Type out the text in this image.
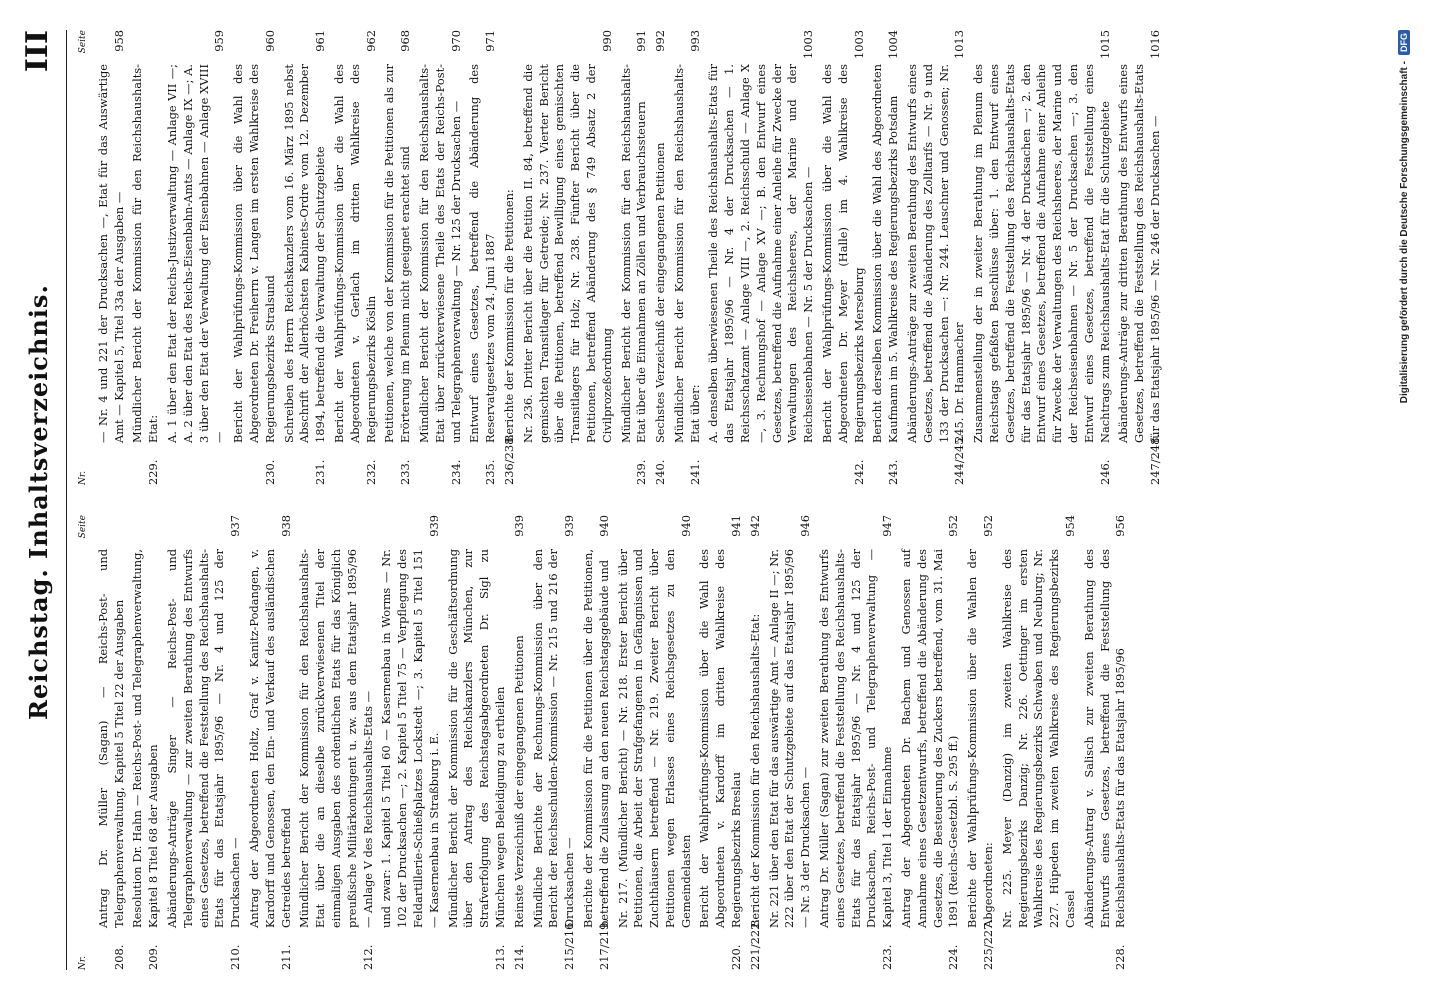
Reichstag. Inhaltsverzeichnis.
III
Nr.
Seite
208.
Antrag Dr. Müller (Sagan) — Reichs-Post- und Telegraphenverwaltung, Kapitel 5 Titel 22 der Ausgaben
209.
Resolution Dr. Hahn — Reichs-Post- und Telegraphenverwaltung, Kapitel 8 Titel 68 der Ausgaben
210.
Abänderungs-Anträge Singer — Reichs-Post- und Telegraphenverwaltung — zur zweiten Berathung des Entwurfs eines Gesetzes, betreffend die Feststellung des Reichshaushalts-Etats für das Etatsjahr 1895/96 — Nr. 4 und 125 der Drucksachen —
937
211.
Antrag der Abgeordneten Holtz, Graf v. Kanitz-Podangen, v. Kardorff und Genossen, den Ein- und Verkauf des ausländischen Getreides betreffend
938
212.
Mündlicher Bericht der Kommission für den Reichshaushalts-Etat über die an dieselbe zurückverwiesenen Titel der einmaligen Ausgaben des ordentlichen Etats für das Königlich preußische Militärkontingent u. zw. aus dem Etatsjahr 1895/96 — Anlage V des Reichshaushalts-Etats — und zwar: 1. Kapitel 5 Titel 60 — Kasernenbau in Worms — Nr. 102 der Drucksachen —; 2. Kapitel 5 Titel 75 — Verpflegung des Feldartillerie-Schießplatzes Lockstedt —; 3. Kapitel 5 Titel 151 — Kasernenbau in Straßburg i. E.
939
213.
Mündlicher Bericht der Kommission für die Geschäftsordnung über den Antrag des Reichskanzlers München, zur Strafverfolgung des Reichstagsabgeordneten Dr. Sigl zu München wegen Beleidigung zu ertheilen
214.
Reinste Verzeichniß der eingegangenen Petitionen
939
215/216.
Mündliche Berichte der Rechnungs-Kommission über den Bericht der Reichsschulden-Kommission — Nr. 215 und 216 der Drucksachen —
939
217/219.
Berichte der Kommission für die Petitionen über die Petitionen, betreffend die Zulassung an den neuen Reichstagsgebäude und
940
Nr. 217. (Mündlicher Bericht) — Nr. 218. Erster Bericht über Petitionen, die Arbeit der Strafgefangenen in Gefängnissen und Zuchthäusern betreffend — Nr. 219. Zweiter Bericht über Petitionen wegen Erlasses eines Reichsgesetzes zu den Gemeindelasten
940
220.
Bericht der Wahlprüfungs-Kommission über die Wahl des Abgeordneten v. Kardorff im dritten Wahlkreise des Regierungsbezirks Breslau
941
221/222.
Bericht der Kommission für den Reichshaushalts-Etat:
942
Nr. 221 über den Etat für das auswärtige Amt — Anlage II —; Nr. 222 über den Etat der Schutzgebiete auf das Etatsjahr 1895/96 — Nr. 3 der Drucksachen —
946
223.
Antrag Dr. Müller (Sagan) zur zweiten Berathung des Entwurfs eines Gesetzes, betreffend die Feststellung des Reichshaushalts-Etats für das Etatsjahr 1895/96 — Nr. 4 und 125 der Drucksachen, Reichs-Post- und Telegraphenverwaltung — Kapitel 3, Titel 1 der Einnahme
947
224.
Antrag der Abgeordneten Dr. Bachem und Genossen auf Annahme eines Gesetzentwurfs, betreffend die Abänderung des Gesetzes, die Besteuerung des Zuckers betreffend, vom 31. Mai 1891 (Reichs-Gesetzbl. S. 295 ff.)
952
225/227.
Berichte der Wahlprüfungs-Kommission über die Wahlen der Abgeordneten:
952
Nr. 225. Meyer (Danzig) im zweiten Wahlkreise des Regierungsbezirks Danzig; Nr. 226. Oettinger im ersten Wahlkreise des Regierungsbezirks Schwaben und Neuburg; Nr. 227. Hüpeden im zweiten Wahlkreise des Regierungsbezirks Cassel
954
228.
Abänderungs-Antrag v. Salisch zur zweiten Berathung des Entwurfs eines Gesetzes, betreffend die Feststellung des Reichshaushalts-Etats für das Etatsjahr 1895/96
956
Nr.
Seite
— Nr. 4 und 221 der Drucksachen —, Etat für das Auswärtige Amt — Kapitel 5, Titel 33a der Ausgaben —
958
229.
Mündlicher Bericht der Kommission für den Reichshaushalts-Etat: A. 1 über den Etat der Reichs-Justizverwaltung — Anlage VII —; A. 2 über den Etat des Reichs-Eisenbahn-Amts — Anlage IX —; A. 3 über den Etat der Verwaltung der Eisenbahnen — Anlage XVIII —
959
230.
Bericht der Wahlprüfungs-Kommission über die Wahl des Abgeordneten Dr. Freiherrn v. Langen im ersten Wahlkreise des Regierungsbezirks Stralsund
960
231.
Schreiben des Herrn Reichskanzlers vom 16. März 1895 nebst Abschrift der Allerhöchsten Kabinets-Ordre vom 12. Dezember 1894, betreffend die Verwaltung der Schutzgebiete
961
232.
Bericht der Wahlprüfungs-Kommission über die Wahl des Abgeordneten v. Gerlach im dritten Wahlkreise des Regierungsbezirks Köslin
962
233.
Petitionen, welche von der Kommission für die Petitionen als zur Erörterung im Plenum nicht geeignet erachtet sind
968
234.
Mündlicher Bericht der Kommission für den Reichshaushalts-Etat über zurückverwiesene Theile des Etats der Reichs-Post- und Telegraphenverwaltung — Nr. 125 der Drucksachen —
970
235.
Entwurf eines Gesetzes, betreffend die Abänderung des Reservatgesetzes vom 24. Juni 1887
971
236/238.
Berichte der Kommission für die Petitionen: Nr. 236. Dritter Bericht über die Petition II. 84, betreffend die gemischten Transitlager für Getreide; Nr. 237. Vierter Bericht über die Petitionen, betreffend Bewilligung eines gemischten Transitlagers für Holz; Nr. 238. Fünfter Bericht über die Petitionen, betreffend Abänderung des § 749 Absatz 2 der Civilprozeßordnung
990
239.
Mündlicher Bericht der Kommission für den Reichshaushalts-Etat über die Einnahmen an Zöllen und Verbrauchssteuern
991
240.
Sechstes Verzeichniß der eingegangenen Petitionen
992
241.
Mündlicher Bericht der Kommission für den Reichshaushalts-Etat über:
993
A. denselben überwiesenen Theile des Reichshaushalts-Etats für das Etatsjahr 1895/96 — Nr. 4 der Drucksachen — 1. Reichsschatzamt — Anlage VIII —, 2. Reichsschuld — Anlage X —, 3. Rechnungshof — Anlage XV —; B. den Entwurf eines Gesetzes, betreffend die Aufnahme einer Anleihe für Zwecke der Verwaltungen des Reichsheeres, der Marine und der Reichseisenbahnen — Nr. 5 der Drucksachen —
1003
242.
Bericht der Wahlprüfungs-Kommission über die Wahl des Abgeordneten Dr. Meyer (Halle) im 4. Wahlkreise des Regierungsbezirks Merseburg
1003
243.
Bericht derselben Kommission über die Wahl des Abgeordneten Kaufmann im 5. Wahlkreise des Regierungsbezirks Potsdam
1004
244/245.
Abänderungs-Anträge zur zweiten Berathung des Entwurfs eines Gesetzes, betreffend die Abänderung des Zolltarifs — Nr. 9 und 133 der Drucksachen —: Nr. 244. Leuschner und Genossen; Nr. 245. Dr. Hammacher
1013
246.
Zusammenstellung der in zweiter Berathung im Plenum des Reichstags gefaßten Beschlüsse über: 1. den Entwurf eines Gesetzes, betreffend die Feststellung des Reichshaushalts-Etats für das Etatsjahr 1895/96 — Nr. 4 der Drucksachen —; 2. den Entwurf eines Gesetzes, betreffend die Aufnahme einer Anleihe für Zwecke der Verwaltungen des Reichsheeres, der Marine und der Reichseisenbahnen — Nr. 5 der Drucksachen —; 3. den Entwurf eines Gesetzes, betreffend die Feststellung eines Nachtrags zum Reichshaushalts-Etat für die Schutzgebiete
1015
247/248.
Abänderungs-Anträge zur dritten Berathung des Entwurfs eines Gesetzes, betreffend die Feststellung des Reichshaushalts-Etats für das Etatsjahr 1895/96 — Nr. 246 der Drucksachen —
1016
Digitalisierung gefördert durch die Deutsche Forschungsgemeinschaft -
DFG
